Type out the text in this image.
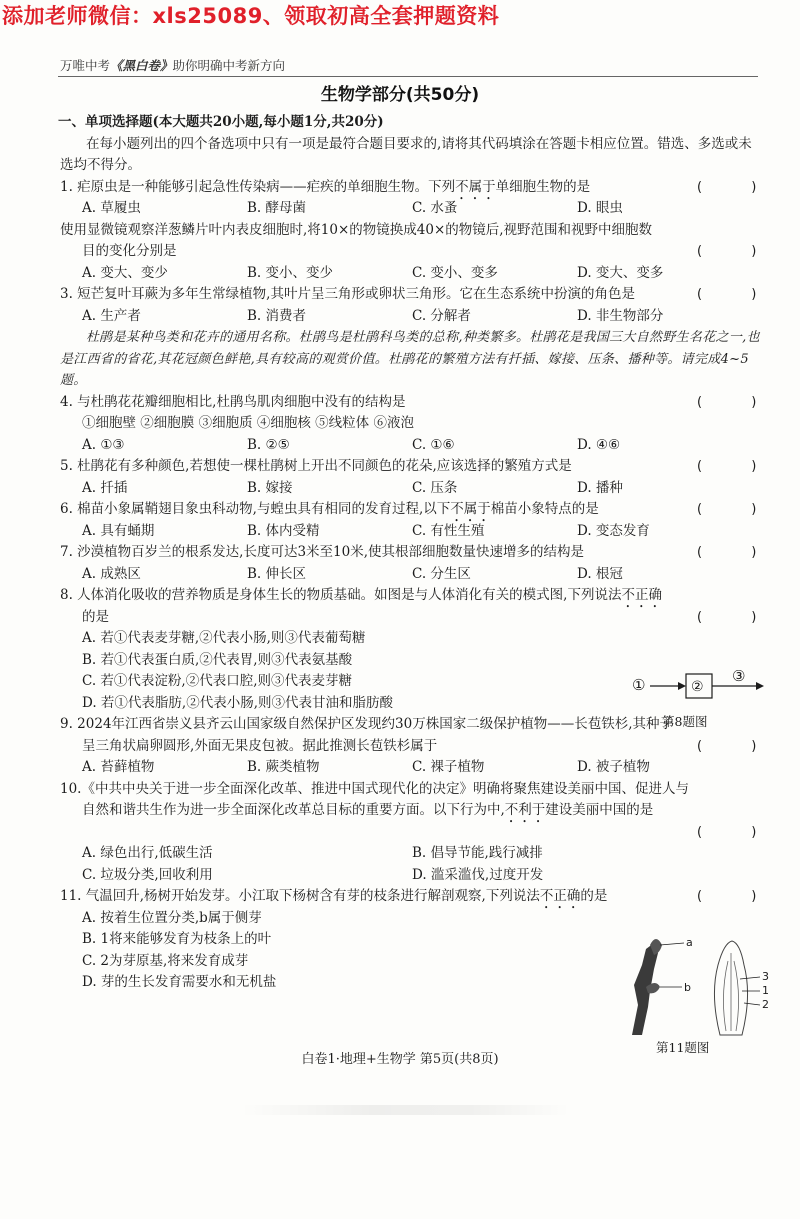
添加老师微信：xls25089、领取初高全套押题资料
万唯中考《黑白卷》助你明确中考新方向
生物学部分(共50分)
一、单项选择题(本大题共20小题,每小题1分,共20分)
在每小题列出的四个备选项中只有一项是最符合题目要求的,请将其代码填涂在答题卡相应位置。错选、多选或未选均不得分。
1. 疟原虫是一种能够引起急性传染病——疟疾的单细胞生物。下列不属于单细胞生物的是	(      )
A. 草履虫	B. 酵母菌	C. 水蚤	D. 眼虫
使用显微镜观察洋葱鳞片叶内表皮细胞时,将10×的物镜换成40×的物镜后,视野范围和视野中细胞数
目的变化分别是	(      )
A. 变大、变少	B. 变小、变少	C. 变小、变多	D. 变大、变多
3. 短芒复叶耳蕨为多年生常绿植物,其叶片呈三角形或卵状三角形。它在生态系统中扮演的角色是	(      )
A. 生产者	B. 消费者	C. 分解者	D. 非生物部分
杜鹃是某种鸟类和花卉的通用名称。杜鹃鸟是杜鹃科鸟类的总称,种类繁多。杜鹃花是我国三大自然野生名花之一,也是江西省的省花,其花冠颜色鲜艳,具有较高的观赏价值。杜鹃花的繁殖方法有扦插、嫁接、压条、播种等。请完成4~5题。
4. 与杜鹃花花瓣细胞相比,杜鹃鸟肌肉细胞中没有的结构是	(      )
①细胞壁 ②细胞膜 ③细胞质 ④细胞核 ⑤线粒体 ⑥液泡
A. ①③	B. ②⑤	C. ①⑥	D. ④⑥
5. 杜鹃花有多种颜色,若想使一棵杜鹃树上开出不同颜色的花朵,应该选择的繁殖方式是	(      )
A. 扦插	B. 嫁接	C. 压条	D. 播种
6. 棉苗小象属鞘翅目象虫科动物,与蝗虫具有相同的发育过程,以下不属于棉苗小象特点的是	(      )
A. 具有蛹期	B. 体内受精	C. 有性生殖	D. 变态发育
7. 沙漠植物百岁兰的根系发达,长度可达3米至10米,使其根部细胞数量快速增多的结构是	(      )
A. 成熟区	B. 伸长区	C. 分生区	D. 根冠
8. 人体消化吸收的营养物质是身体生长的物质基础。如图是与人体消化有关的模式图,下列说法不正确
的是	(      )
A. 若①代表麦芽糖,②代表小肠,则③代表葡萄糖
B. 若①代表蛋白质,②代表胃,则③代表氨基酸
C. 若①代表淀粉,②代表口腔,则③代表麦芽糖
D. 若①代表脂肪,②代表小肠,则③代表甘油和脂肪酸
9. 2024年江西省崇义县齐云山国家级自然保护区发现约30万株国家二级保护植物——长苞铁杉,其种子
呈三角状扁卵圆形,外面无果皮包被。据此推测长苞铁杉属于	(      )
A. 苔藓植物	B. 蕨类植物	C. 裸子植物	D. 被子植物
10.《中共中央关于进一步全面深化改革、推进中国式现代化的决定》明确将聚焦建设美丽中国、促进人与
自然和谐共生作为进一步全面深化改革总目标的重要方面。以下行为中,不利于建设美丽中国的是
(      )
A. 绿色出行,低碳生活	B. 倡导节能,践行减排
C. 垃圾分类,回收利用	D. 滥采滥伐,过度开发
11. 气温回升,杨树开始发芽。小江取下杨树含有芽的枝条进行解剖观察,下列说法不正确的是	(      )
A. 按着生位置分类,b属于侧芽
B. 1将来能够发育为枝条上的叶
C. 2为芽原基,将来发育成芽
D. 芽的生长发育需要水和无机盐
①	②
③
第8题图
a
b
3
1
2
第11题图
白卷1·地理+生物学 第5页(共8页)
